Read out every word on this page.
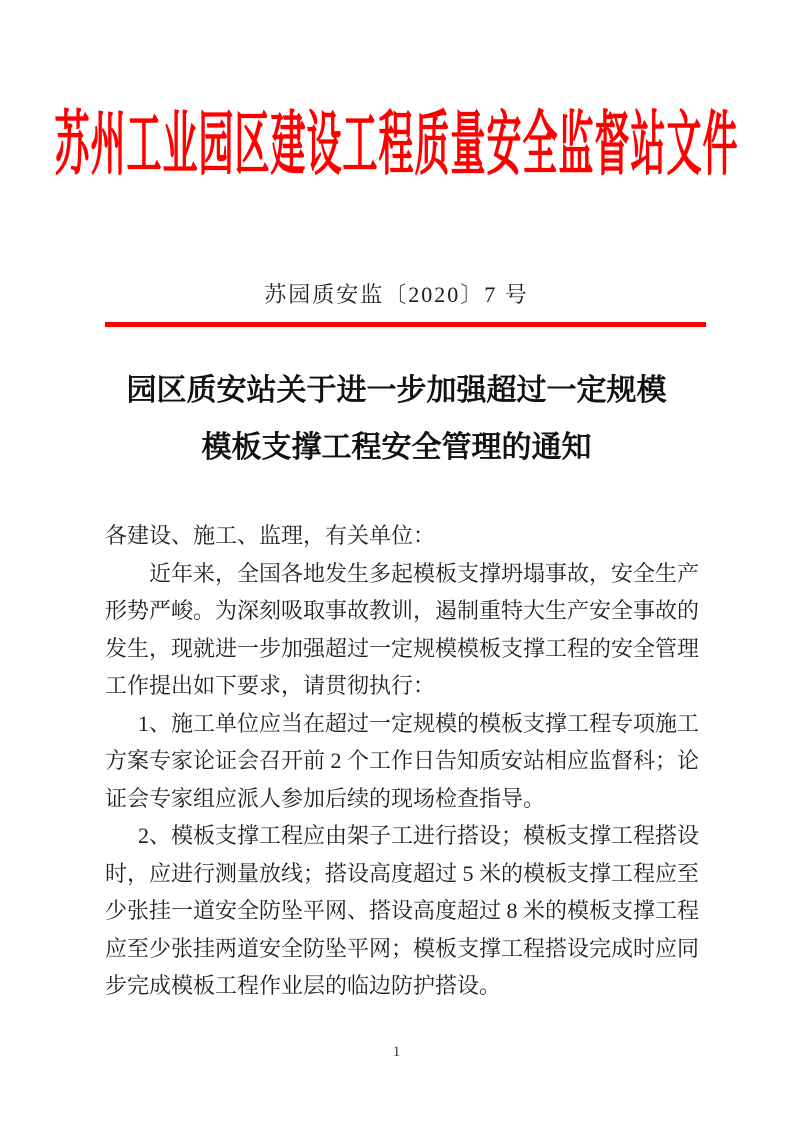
苏州工业园区建设工程质量安全监督站文件
苏园质安监〔2020〕7 号
园区质安站关于进一步加强超过一定规模
模板支撑工程安全管理的通知
各建设、施工、监理，有关单位：
近年来，全国各地发生多起模板支撑坍塌事故，安全生产
形势严峻。为深刻吸取事故教训，遏制重特大生产安全事故的
发生，现就进一步加强超过一定规模模板支撑工程的安全管理
工作提出如下要求，请贯彻执行：
1、施工单位应当在超过一定规模的模板支撑工程专项施工
方案专家论证会召开前 2 个工作日告知质安站相应监督科；论
证会专家组应派人参加后续的现场检查指导。
2、模板支撑工程应由架子工进行搭设；模板支撑工程搭设
时，应进行测量放线；搭设高度超过 5 米的模板支撑工程应至
少张挂一道安全防坠平网、搭设高度超过 8 米的模板支撑工程
应至少张挂两道安全防坠平网；模板支撑工程搭设完成时应同
步完成模板工程作业层的临边防护搭设。
1
